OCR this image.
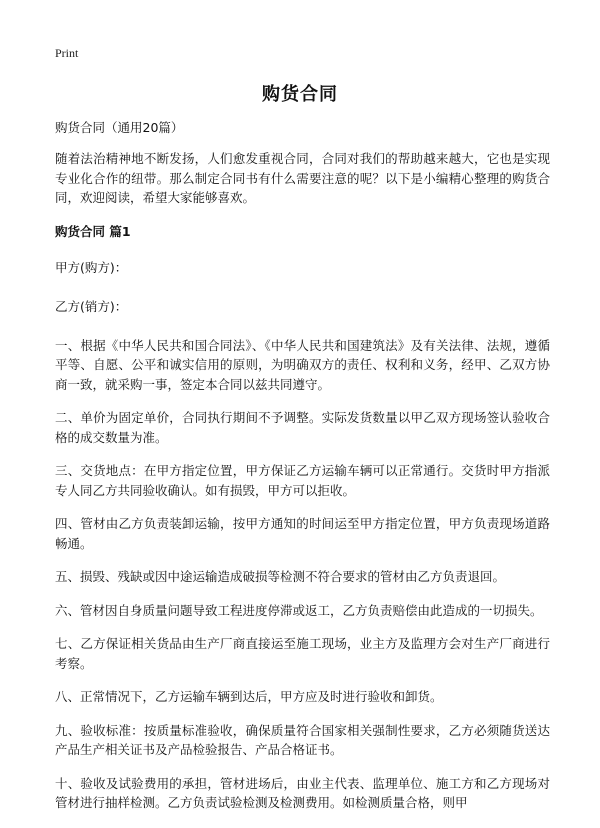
Print
购货合同

购货合同（通用20篇）

随着法治精神地不断发扬，人们愈发重视合同，合同对我们的帮助越来越大，它也是实现专业化合作的纽带。那么制定合同书有什么需要注意的呢？以下是小编精心整理的购货合同，欢迎阅读，希望大家能够喜欢。

购货合同 篇1

甲方(购方)：

乙方(销方)：

一、根据《中华人民共和国合同法》、《中华人民共和国建筑法》及有关法律、法规，遵循平等、自愿、公平和诚实信用的原则，为明确双方的责任、权利和义务，经甲、乙双方协商一致，就采购一事，签定本合同以兹共同遵守。

二、单价为固定单价，合同执行期间不予调整。实际发货数量以甲乙双方现场签认验收合格的成交数量为准。

三、交货地点：在甲方指定位置，甲方保证乙方运输车辆可以正常通行。交货时甲方指派专人同乙方共同验收确认。如有损毁，甲方可以拒收。

四、管材由乙方负责装卸运输，按甲方通知的时间运至甲方指定位置，甲方负责现场道路畅通。

五、损毁、残缺或因中途运输造成破损等检测不符合要求的管材由乙方负责退回。

六、管材因自身质量问题导致工程进度停滞或返工，乙方负责赔偿由此造成的一切损失。

七、乙方保证相关货品由生产厂商直接运至施工现场，业主方及监理方会对生产厂商进行考察。

八、正常情况下，乙方运输车辆到达后，甲方应及时进行验收和卸货。

九、验收标准：按质量标准验收，确保质量符合国家相关强制性要求，乙方必须随货送达产品生产相关证书及产品检验报告、产品合格证书。

十、验收及试验费用的承担，管材进场后，由业主代表、监理单位、施工方和乙方现场对管材进行抽样检测。乙方负责试验检测及检测费用。如检测质量合格，则甲
